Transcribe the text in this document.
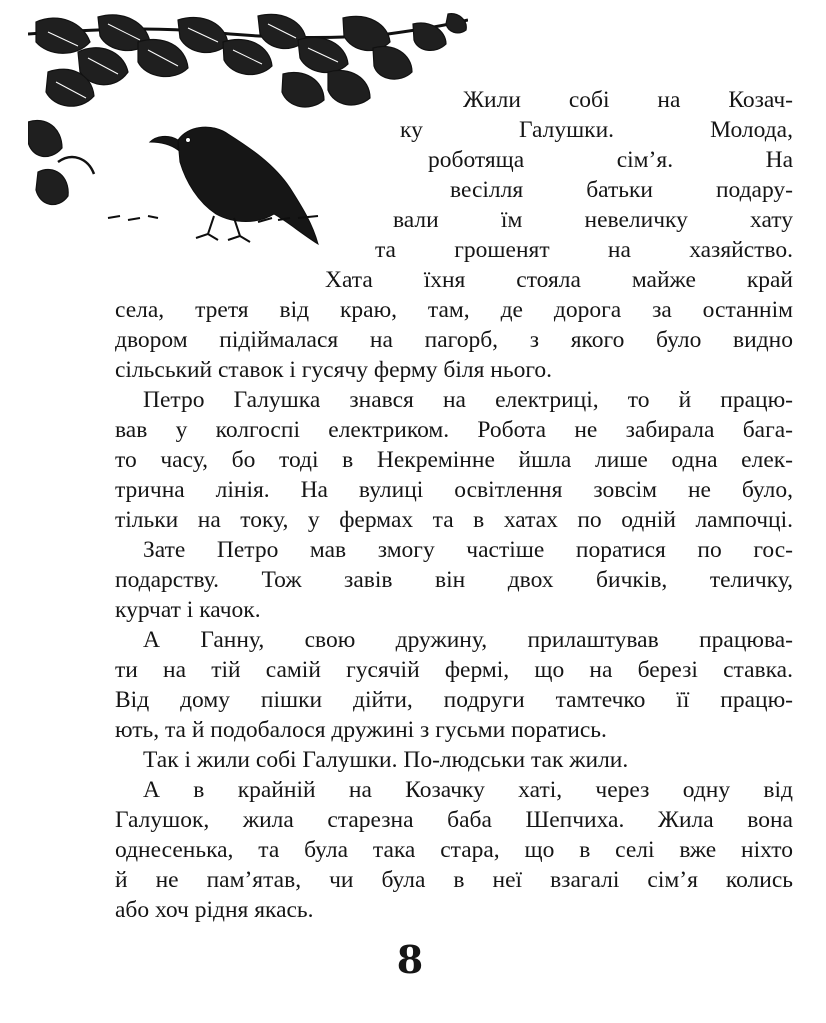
Жили собі на Козач-

ку Галушки. Молода,

роботяща сім’я. На

весілля батьки подару-

вали їм невеличку хату

та грошенят на хазяйство.

Хата їхня стояла майже край

села, третя від краю, там, де дорога за останнім

двором підіймалася на пагорб, з якого було видно

сільський ставок і гусячу ферму біля нього.

Петро Галушка знався на електриці, то й працю-

вав у колгоспі електриком. Робота не забирала бага-

то часу, бо тоді в Некремінне йшла лише одна елек-

трична лінія. На вулиці освітлення зовсім не було,

тільки на току, у фермах та в хатах по одній лампочці.

Зате Петро мав змогу частіше поратися по гос-

подарству. Тож завів він двох бичків, теличку,

курчат і качок.

А Ганну, свою дружину, прилаштував працюва-

ти на тій самій гусячій фермі, що на березі ставка.

Від дому пішки дійти, подруги тамтечко її працю-

ють, та й подобалося дружині з гусьми поратись.

Так і жили собі Галушки. По-людськи так жили.

А в крайній на Козачку хаті, через одну від

Галушок, жила старезна баба Шепчиха. Жила вона

однесенька, та була така стара, що в селі вже ніхто

й не пам’ятав, чи була в неї взагалі сім’я колись

або хоч рідня якась.

8
